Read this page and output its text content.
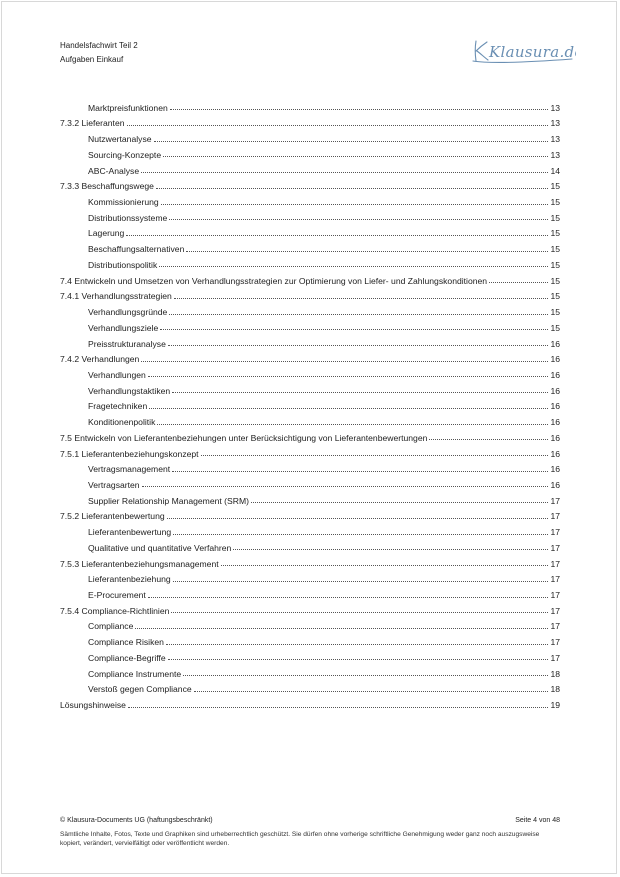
Handelsfachwirt Teil 2
Aufgaben Einkauf	Klausura.de
Marktpreisfunktionen	13
7.3.2 Lieferanten	13
Nutzwertanalyse	13
Sourcing-Konzepte	13
ABC-Analyse	14
7.3.3 Beschaffungswege	15
Kommissionierung	15
Distributionssysteme	15
Lagerung	15
Beschaffungsalternativen	15
Distributionspolitik	15
7.4 Entwickeln und Umsetzen von Verhandlungsstrategien zur Optimierung von Liefer- und Zahlungskonditionen	15
7.4.1 Verhandlungsstrategien	15
Verhandlungsgründe	15
Verhandlungsziele	15
Preisstrukturanalyse	16
7.4.2 Verhandlungen	16
Verhandlungen	16
Verhandlungstaktiken	16
Fragetechniken	16
Konditionenpolitik	16
7.5 Entwickeln von Lieferantenbeziehungen unter Berücksichtigung von Lieferantenbewertungen	16
7.5.1 Lieferantenbeziehungskonzept	16
Vertragsmanagement	16
Vertragsarten	16
Supplier Relationship Management (SRM)	17
7.5.2 Lieferantenbewertung	17
Lieferantenbewertung	17
Qualitative und quantitative Verfahren	17
7.5.3 Lieferantenbeziehungsmanagement	17
Lieferantenbeziehung	17
E-Procurement	17
7.5.4 Compliance-Richtlinien	17
Compliance	17
Compliance Risiken	17
Compliance-Begriffe	17
Compliance Instrumente	18
Verstoß gegen Compliance	18
Lösungshinweise	19
© Klausura-Documents UG (haftungsbeschränkt)	Seite 4 von 48
Sämtliche Inhalte, Fotos, Texte und Graphiken sind urheberrechtlich geschützt. Sie dürfen ohne vorherige schriftliche Genehmigung weder ganz noch auszugsweise kopiert, verändert, vervielfältigt oder veröffentlicht werden.
